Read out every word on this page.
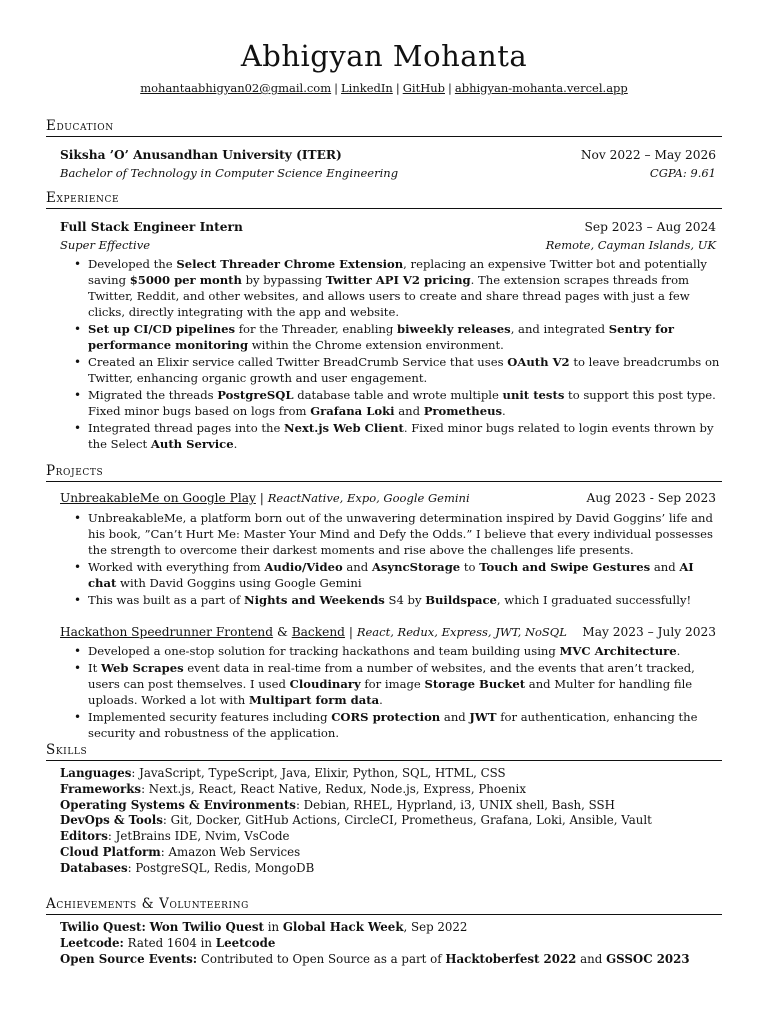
Abhigyan Mohanta
mohantaabhigyan02@gmail.com | LinkedIn | GitHub | abhigyan-mohanta.vercel.app
Education
Siksha ’O’ Anusandhan University (ITER)	Nov 2022 – May 2026
Bachelor of Technology in Computer Science Engineering	CGPA: 9.61
Experience
Full Stack Engineer Intern	Sep 2023 – Aug 2024
Super Effective	Remote, Cayman Islands, UK
• Developed the Select Threader Chrome Extension, replacing an expensive Twitter bot and potentially saving $5000 per month by bypassing Twitter API V2 pricing. The extension scrapes threads from Twitter, Reddit, and other websites, and allows users to create and share thread pages with just a few clicks, directly integrating with the app and website.
• Set up CI/CD pipelines for the Threader, enabling biweekly releases, and integrated Sentry for performance monitoring within the Chrome extension environment.
• Created an Elixir service called Twitter BreadCrumb Service that uses OAuth V2 to leave breadcrumbs on Twitter, enhancing organic growth and user engagement.
• Migrated the threads PostgreSQL database table and wrote multiple unit tests to support this post type. Fixed minor bugs based on logs from Grafana Loki and Prometheus.
• Integrated thread pages into the Next.js Web Client. Fixed minor bugs related to login events thrown by the Select Auth Service.
Projects
UnbreakableMe on Google Play | ReactNative, Expo, Google Gemini	Aug 2023 - Sep 2023
• UnbreakableMe, a platform born out of the unwavering determination inspired by David Goggins’ life and his book, ”Can’t Hurt Me: Master Your Mind and Defy the Odds.” I believe that every individual possesses the strength to overcome their darkest moments and rise above the challenges life presents.
• Worked with everything from Audio/Video and AsyncStorage to Touch and Swipe Gestures and AI chat with David Goggins using Google Gemini
• This was built as a part of Nights and Weekends S4 by Buildspace, which I graduated successfully!
Hackathon Speedrunner Frontend & Backend | React, Redux, Express, JWT, NoSQL May 2023 – July 2023
• Developed a one-stop solution for tracking hackathons and team building using MVC Architecture.
• It Web Scrapes event data in real-time from a number of websites, and the events that aren’t tracked, users can post themselves. I used Cloudinary for image Storage Bucket and Multer for handling file uploads. Worked a lot with Multipart form data.
• Implemented security features including CORS protection and JWT for authentication, enhancing the security and robustness of the application.
Skills
Languages: JavaScript, TypeScript, Java, Elixir, Python, SQL, HTML, CSS
Frameworks: Next.js, React, React Native, Redux, Node.js, Express, Phoenix
Operating Systems & Environments: Debian, RHEL, Hyprland, i3, UNIX shell, Bash, SSH
DevOps & Tools: Git, Docker, GitHub Actions, CircleCI, Prometheus, Grafana, Loki, Ansible, Vault
Editors: JetBrains IDE, Nvim, VsCode
Cloud Platform: Amazon Web Services
Databases: PostgreSQL, Redis, MongoDB
Achievements & Volunteering
Twilio Quest: Won Twilio Quest in Global Hack Week, Sep 2022
Leetcode: Rated 1604 in Leetcode
Open Source Events: Contributed to Open Source as a part of Hacktoberfest 2022 and GSSOC 2023
